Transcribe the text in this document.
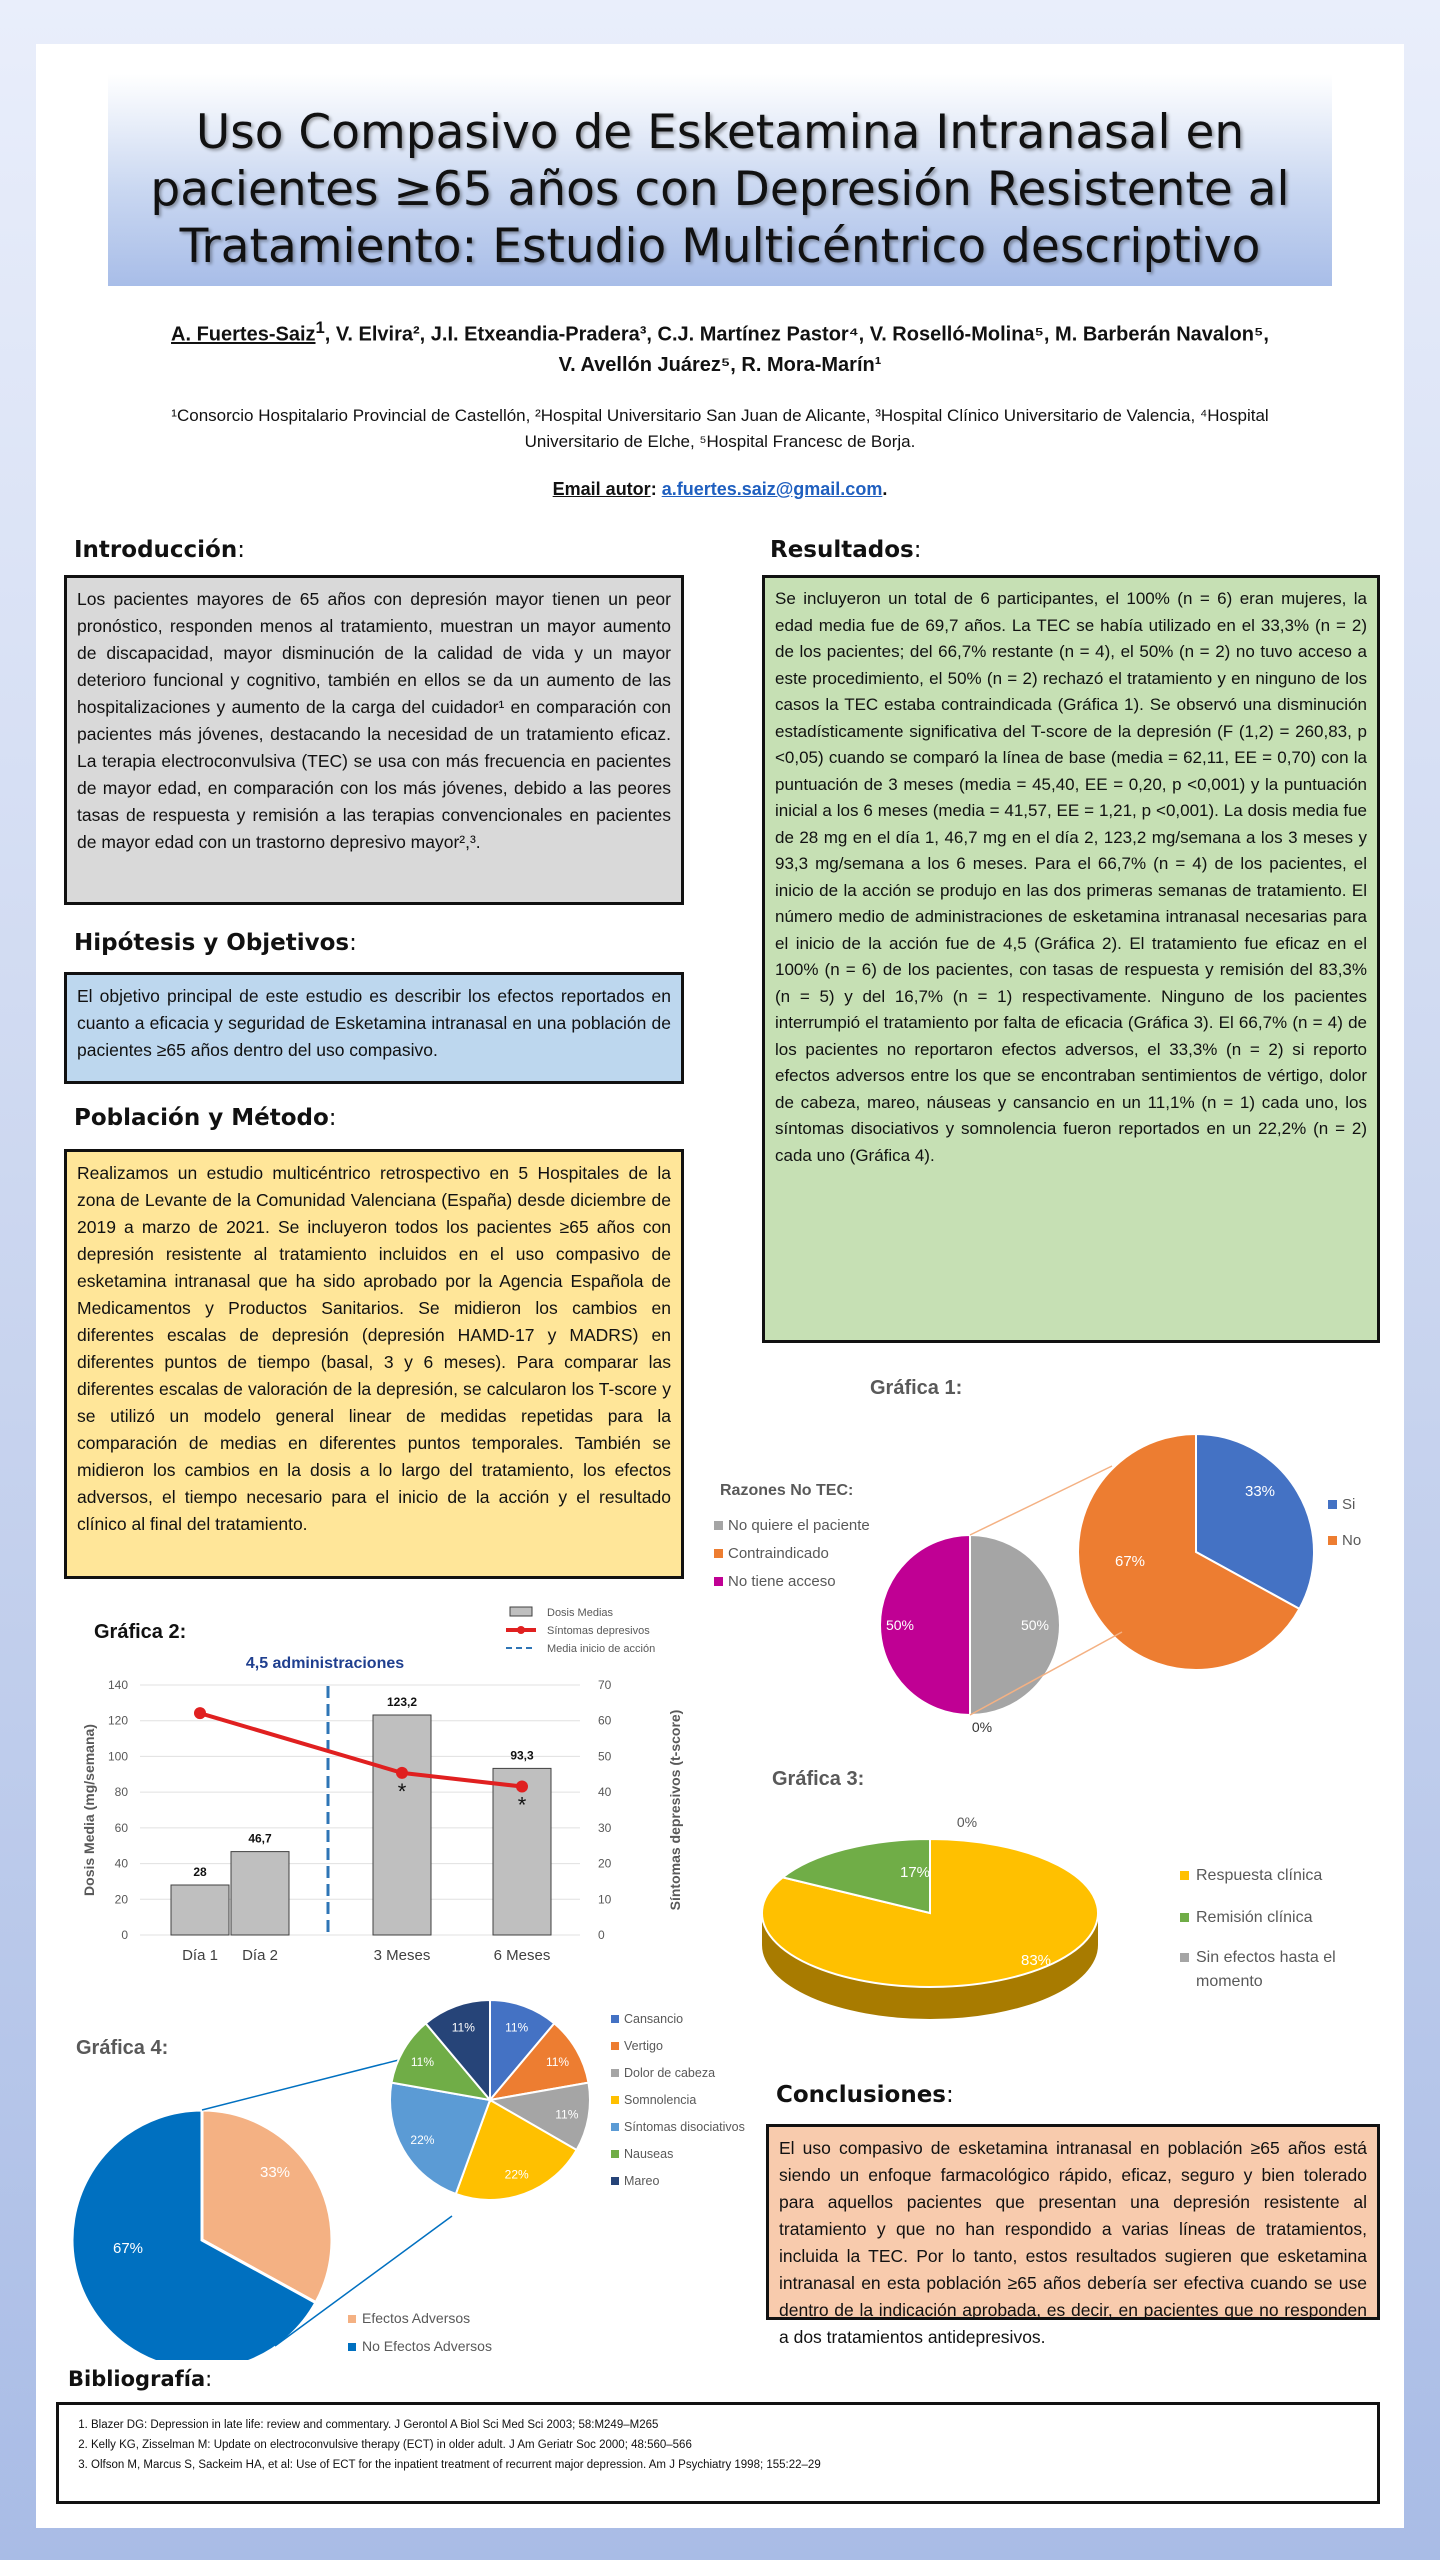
Uso Compasivo de Esketamina Intranasal en pacientes ≥65 años con Depresión Resistente al Tratamiento: Estudio Multicéntrico descriptivo
A. Fuertes-Saiz$^1$, V. Elvira², J.I. Etxeandia-Pradera³, C.J. Martínez Pastor⁴, V. Roselló-Molina⁵, M. Barberán Navalon⁵, V. Avellón Juárez⁵, R. Mora-Marín¹
¹Consorcio Hospitalario Provincial de Castellón, ²Hospital Universitario San Juan de Alicante, ³Hospital Clínico Universitario de Valencia, ⁴Hospital Universitario de Elche, ⁵Hospital Francesc de Borja.
Email autor: a.fuertes.saiz@gmail.com.
Introducción:
Los pacientes mayores de 65 años con depresión mayor tienen un peor pronóstico, responden menos al tratamiento, muestran un mayor aumento de discapacidad, mayor disminución de la calidad de vida y un mayor deterioro funcional y cognitivo, también en ellos se da un aumento de las hospitalizaciones y aumento de la carga del cuidador¹ en comparación con pacientes más jóvenes, destacando la necesidad de un tratamiento eficaz. La terapia electroconvulsiva (TEC) se usa con más frecuencia en pacientes de mayor edad, en comparación con los más jóvenes, debido a las peores tasas de respuesta y remisión a las terapias convencionales en pacientes de mayor edad con un trastorno depresivo mayor²,³.
Hipótesis y Objetivos:
El objetivo principal de este estudio es describir los efectos reportados en cuanto a eficacia y seguridad de Esketamina intranasal en una población de pacientes ≥65 años dentro del uso compasivo.
Población y Método:
Realizamos un estudio multicéntrico retrospectivo en 5 Hospitales de la zona de Levante de la Comunidad Valenciana (España) desde diciembre de 2019 a marzo de 2021. Se incluyeron todos los pacientes ≥65 años con depresión resistente al tratamiento incluidos en el uso compasivo de esketamina intranasal que ha sido aprobado por la Agencia Española de Medicamentos y Productos Sanitarios. Se midieron los cambios en diferentes escalas de depresión (depresión HAMD-17 y MADRS) en diferentes puntos de tiempo (basal, 3 y 6 meses). Para comparar las diferentes escalas de valoración de la depresión, se calcularon los T-score y se utilizó un modelo general linear de medidas repetidas para la comparación de medias en diferentes puntos temporales. También se midieron los cambios en la dosis a lo largo del tratamiento, los efectos adversos, el tiempo necesario para el inicio de la acción y el resultado clínico al final del tratamiento.
Resultados:
Se incluyeron un total de 6 participantes, el 100% (n = 6) eran mujeres, la edad media fue de 69,7 años. La TEC se había utilizado en el 33,3% (n = 2) de los pacientes; del 66,7% restante (n = 4), el 50% (n = 2) no tuvo acceso a este procedimiento, el 50% (n = 2) rechazó el tratamiento y en ninguno de los casos la TEC estaba contraindicada (Gráfica 1). Se observó una disminución estadísticamente significativa del T-score de la depresión (F (1,2) = 260,83, p <0,05) cuando se comparó la línea de base (media = 62,11, EE = 0,70) con la puntuación de 3 meses (media = 45,40, EE = 0,20, p <0,001) y la puntuación inicial a los 6 meses (media = 41,57, EE = 1,21, p <0,001). La dosis media fue de 28 mg en el día 1, 46,7 mg en el día 2, 123,2 mg/semana a los 3 meses y 93,3 mg/semana a los 6 meses. Para el 66,7% (n = 4) de los pacientes, el inicio de la acción se produjo en las dos primeras semanas de tratamiento. El número medio de administraciones de esketamina intranasal necesarias para el inicio de la acción fue de 4,5 (Gráfica 2). El tratamiento fue eficaz en el 100% (n = 6) de los pacientes, con tasas de respuesta y remisión del 83,3% (n = 5) y del 16,7% (n = 1) respectivamente. Ninguno de los pacientes interrumpió el tratamiento por falta de eficacia (Gráfica 3). El 66,7% (n = 4) de los pacientes no reportaron efectos adversos, el 33,3% (n = 2) si reporto efectos adversos entre los que se encontraban sentimientos de vértigo, dolor de cabeza, mareo, náuseas y cansancio en un 11,1% (n = 1) cada uno, los síntomas disociativos y somnolencia fueron reportados en un 22,2% (n = 2) cada uno (Gráfica 4).
Conclusiones:
El uso compasivo de esketamina intranasal en población ≥65 años está siendo un enfoque farmacológico rápido, eficaz, seguro y bien tolerado para aquellos pacientes que presentan una depresión resistente al tratamiento y que no han respondido a varias líneas de tratamientos, incluida la TEC. Por lo tanto, estos resultados sugieren que esketamina intranasal en esta población ≥65 años debería ser efectiva cuando se use dentro de la indicación aprobada, es decir, en pacientes que no responden a dos tratamientos antidepresivos.
Bibliografía:
1. Blazer DG: Depression in late life: review and commentary. J Gerontol A Biol Sci Med Sci 2003; 58:M249–M265
2. Kelly KG, Zisselman M: Update on electroconvulsive therapy (ECT) in older adult. J Am Geriatr Soc 2000; 48:560–566
3. Olfson M, Marcus S, Sackeim HA, et al: Use of ECT for the inpatient treatment of recurrent major depression. Am J Psychiatry 1998; 155:22–29
Gráfica 1:
33%
67%
50%
50%
0%
Razones No TEC:
No quiere el paciente
Contraindicado
No tiene acceso
Si
No
Gráfica 2:
0
20
40
60
80
100
120
140
0
10
20
30
40
50
60
70
28
46,7
123,2
93,3
Día 1 Día 2	3 Meses	6 Meses
4,5 administraciones
*
*
Dosis Media (mg/semana)	Síntomas depresivos (t-score)
Dosis Medias
Síntomas depresivos
Media inicio de acción
Gráfica 3:
83%
17%
0%
Respuesta clínica
Remisión clínica
Sin efectos hasta el momento
Gráfica 4:
33%
67%
11%
11%
11%
22%
22%
11%
11%
Cansancio
Vertigo
Dolor de cabeza
Somnolencia
Síntomas disociativos
Nauseas
Mareo
Efectos Adversos
No Efectos Adversos
